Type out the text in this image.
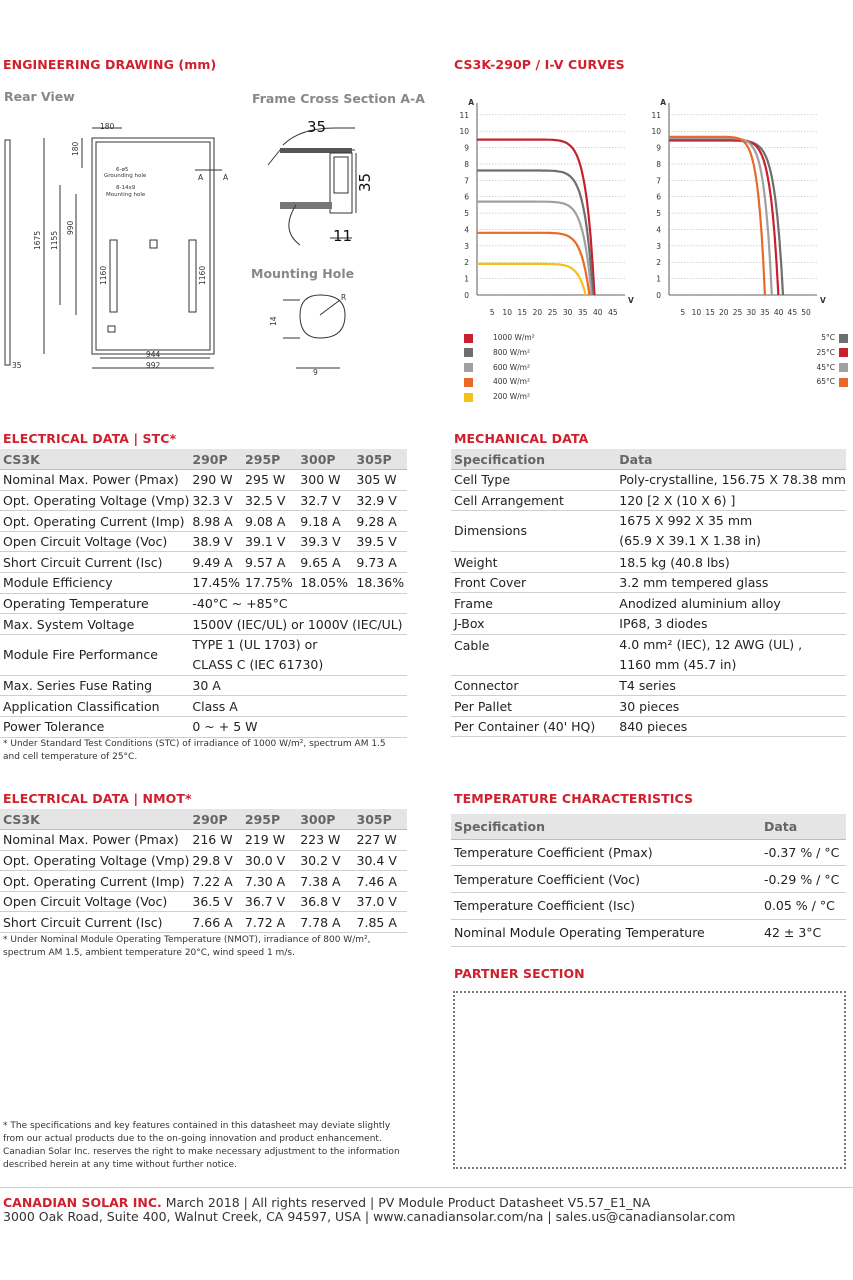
ENGINEERING DRAWING (mm)
Rear View	Frame Cross Section A-A
Mounting Hole
180
180
1675 1155
990
1160	1160
944
992
35
6-ø5
Grounding hole
8-14x9
Mounting hole
A	A
35
35
11
14
9
R
CS3K-290P / I-V CURVES
0
1
2
3
4
5
6
7
8
9
10
11
A
V
5 10 15 20 25 30 35 40 45
0
1
2
3
4
5
6
7
8
9
10
11
A
V
5 10 15 20 25 30 35 40 45 50
1000 W/m²
800 W/m²
600 W/m²
400 W/m²
200 W/m²
5°C
25°C
45°C
65°C
ELECTRICAL DATA | STC*
CS3K	290P	295P	300P	305P
Nominal Max. Power (Pmax)	290 W	295 W	300 W	305 W
Opt. Operating Voltage (Vmp)	32.3 V	32.5 V	32.7 V	32.9 V
Opt. Operating Current (Imp)	8.98 A	9.08 A	9.18 A	9.28 A
Open Circuit Voltage (Voc)	38.9 V	39.1 V	39.3 V	39.5 V
Short Circuit Current (Isc)	9.49 A	9.57 A	9.65 A	9.73 A
Module Efficiency	17.45%	17.75%	18.05%	18.36%
Operating Temperature	-40°C ~ +85°C			
Max. System Voltage	1500V (IEC/UL) or 1000V (IEC/UL)			
Module Fire Performance	TYPE 1 (UL 1703) or
CLASS C (IEC 61730)			

Max. Series Fuse Rating	30 A			
Application Classification	Class A			
Power Tolerance	0 ~ + 5 W			
* Under Standard Test Conditions (STC) of irradiance of 1000 W/m², spectrum AM 1.5
and cell temperature of 25°C.
MECHANICAL DATA
Specification	Data
Cell Type	Poly-crystalline, 156.75 X 78.38 mm
Cell Arrangement	120 [2 X (10 X 6) ]
Dimensions	1675 X 992 X 35 mm
(65.9 X 39.1 X 1.38 in)

Weight	18.5 kg (40.8 lbs)
Front Cover	3.2 mm tempered glass
Frame	Anodized aluminium alloy
J-Box	IP68, 3 diodes
Cable	4.0 mm² (IEC), 12 AWG (UL) ,
1160 mm (45.7 in)

Connector	T4 series
Per Pallet	30 pieces
Per Container (40' HQ)	840 pieces
ELECTRICAL DATA | NMOT*
CS3K	290P	295P	300P	305P
Nominal Max. Power (Pmax)	216 W	219 W	223 W	227 W
Opt. Operating Voltage (Vmp)	29.8 V	30.0 V	30.2 V	30.4 V
Opt. Operating Current (Imp)	7.22 A	7.30 A	7.38 A	7.46 A
Open Circuit Voltage (Voc)	36.5 V	36.7 V	36.8 V	37.0 V
Short Circuit Current (Isc)	7.66 A	7.72 A	7.78 A	7.85 A
* Under Nominal Module Operating Temperature (NMOT), irradiance of 800 W/m²,
spectrum AM 1.5, ambient temperature 20°C, wind speed 1 m/s.
TEMPERATURE CHARACTERISTICS
Specification	Data
Temperature Coefficient (Pmax)	-0.37 % / °C
Temperature Coefficient (Voc)	-0.29 % / °C
Temperature Coefficient (Isc)	0.05 % / °C
Nominal Module Operating Temperature	42 ± 3°C
PARTNER SECTION
* The specifications and key features contained in this datasheet may deviate slightly
from our actual products due to the on-going innovation and product enhancement.
Canadian Solar Inc. reserves the right to make necessary adjustment to the information
described herein at any time without further notice.
CANADIAN SOLAR INC. March 2018 | All rights reserved | PV Module Product Datasheet V5.57_E1_NA
3000 Oak Road, Suite 400, Walnut Creek, CA 94597, USA | www.canadiansolar.com/na | sales.us@canadiansolar.com
